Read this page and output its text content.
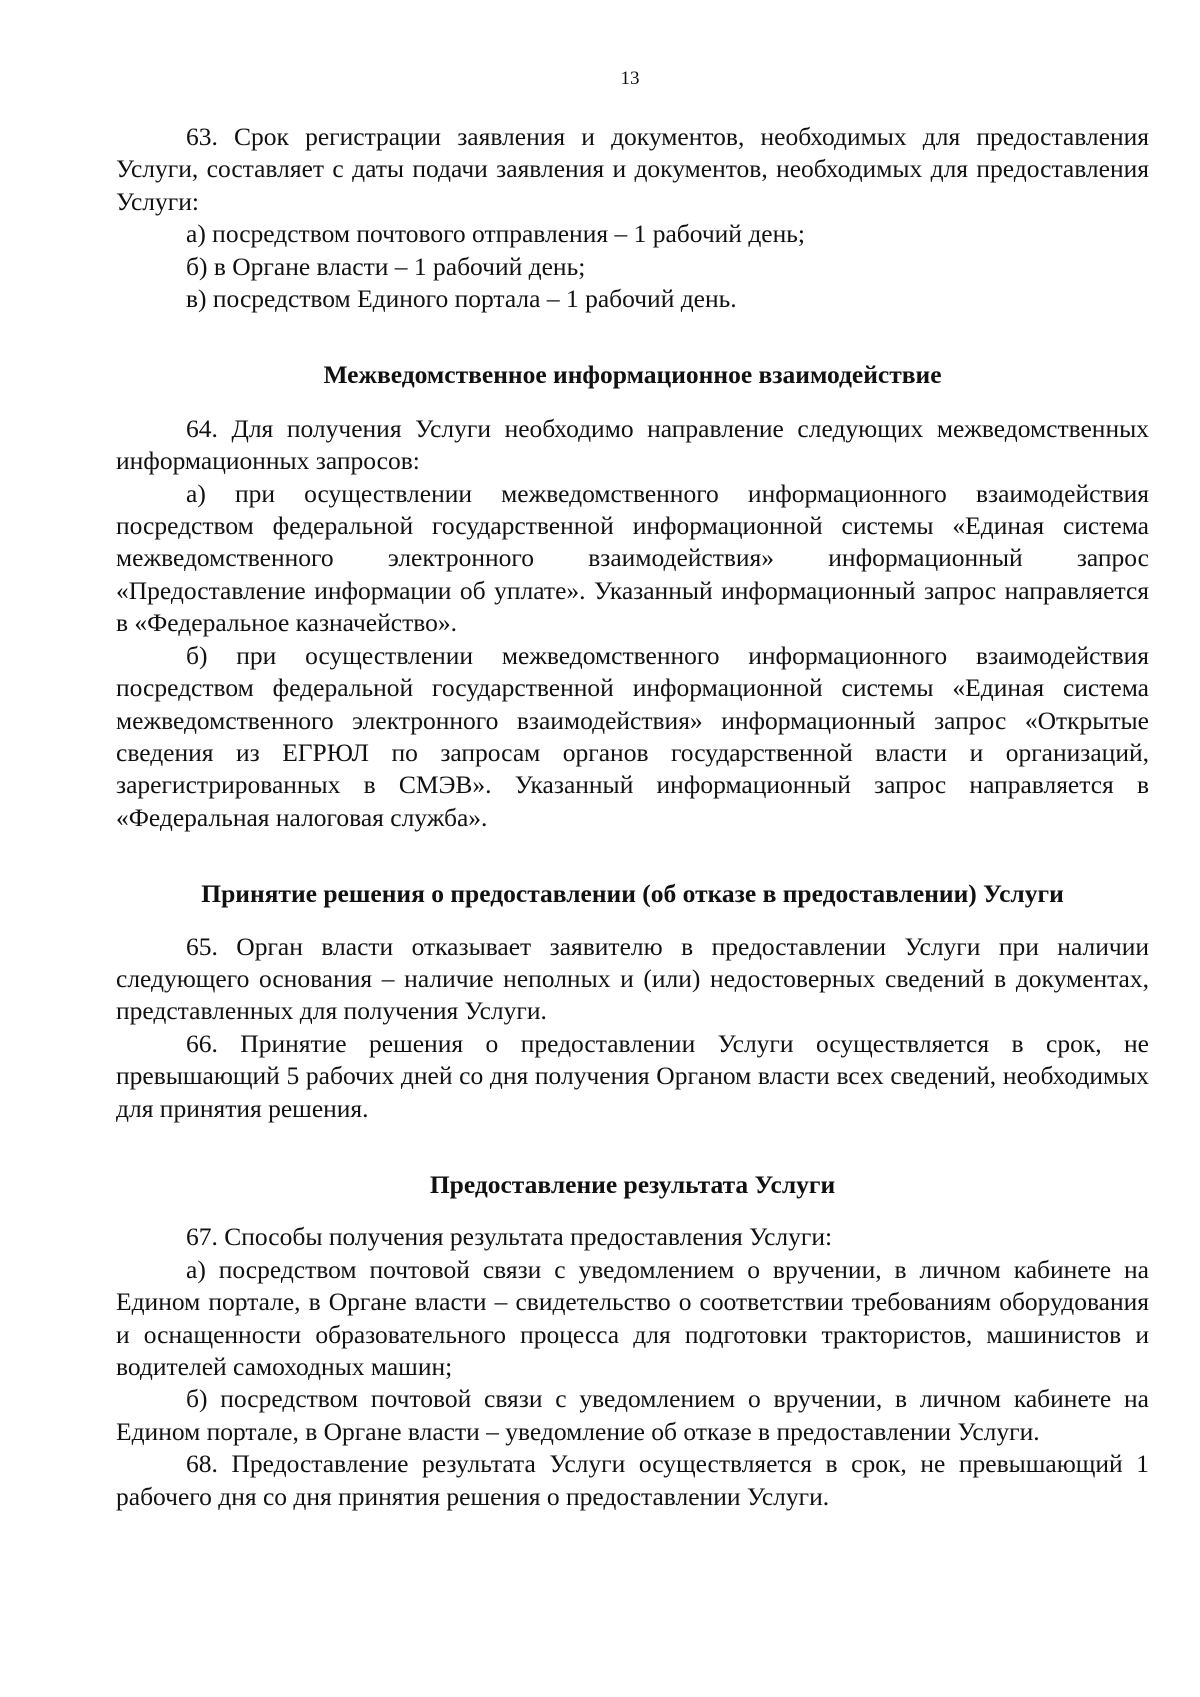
13

63. Срок регистрации заявления и документов, необходимых для предоставления Услуги, составляет с даты подачи заявления и документов, необходимых для предоставления Услуги:

а) посредством почтового отправления – 1 рабочий день;

б) в Органе власти – 1 рабочий день;

в) посредством Единого портала – 1 рабочий день.

Межведомственное информационное взаимодействие

64. Для получения Услуги необходимо направление следующих межведомственных информационных запросов:

а) при осуществлении межведомственного информационного взаимодействия посредством федеральной государственной информационной системы «Единая система межведомственного электронного взаимодействия» информационный запрос «Предоставление информации об уплате». Указанный информационный запрос направляется в «Федеральное казначейство».

б) при осуществлении межведомственного информационного взаимодействия посредством федеральной государственной информационной системы «Единая система межведомственного электронного взаимодействия» информационный запрос «Открытые сведения из ЕГРЮЛ по запросам органов государственной власти и организаций, зарегистрированных в СМЭВ». Указанный информационный запрос направляется в «Федеральная налоговая служба».

Принятие решения о предоставлении (об отказе в предоставлении) Услуги

65. Орган власти отказывает заявителю в предоставлении Услуги при наличии следующего основания – наличие неполных и (или) недостоверных сведений в документах, представленных для получения Услуги.

66. Принятие решения о предоставлении Услуги осуществляется в срок, не превышающий 5 рабочих дней со дня получения Органом власти всех сведений, необходимых для принятия решения.

Предоставление результата Услуги

67. Способы получения результата предоставления Услуги:

а) посредством почтовой связи с уведомлением о вручении, в личном кабинете на Едином портале, в Органе власти – свидетельство о соответствии требованиям оборудования и оснащенности образовательного процесса для подготовки трактористов, машинистов и водителей самоходных машин;

б) посредством почтовой связи с уведомлением о вручении, в личном кабинете на Едином портале, в Органе власти – уведомление об отказе в предоставлении Услуги.

68. Предоставление результата Услуги осуществляется в срок, не превышающий 1 рабочего дня со дня принятия решения о предоставлении Услуги.
